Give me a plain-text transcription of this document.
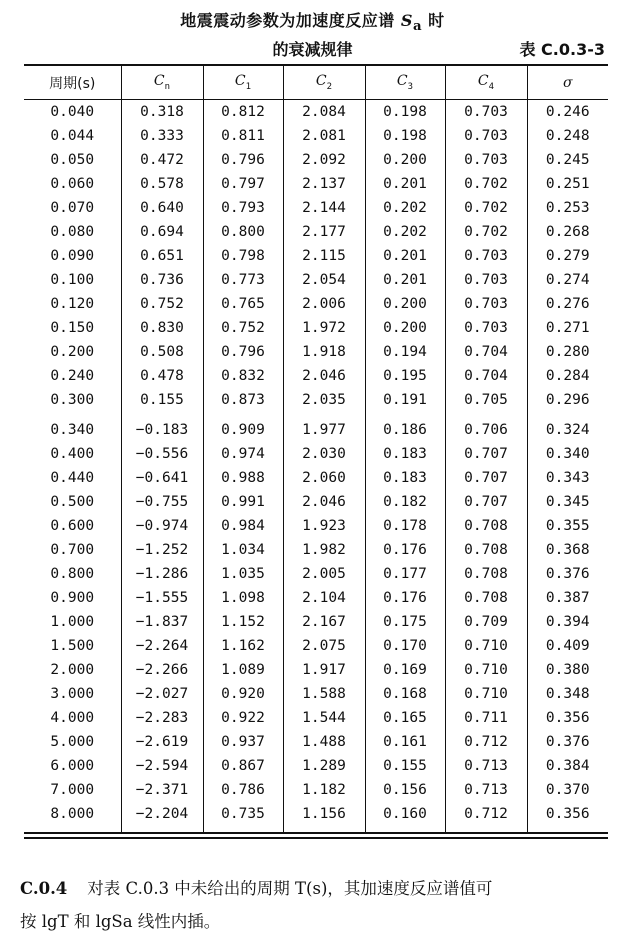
地震震动参数为加速度反应谱 $S_a$ 时
的衰减规律	表 C.0.3-3
周期(s)	$C_n$	$C_1$	$C_2$	$C_3$	$C_4$	σ
0.040	0.318	0.812	2.084	0.198	0.703	0.246
0.044	0.333	0.811	2.081	0.198	0.703	0.248
0.050	0.472	0.796	2.092	0.200	0.703	0.245
0.060	0.578	0.797	2.137	0.201	0.702	0.251
0.070	0.640	0.793	2.144	0.202	0.702	0.253
0.080	0.694	0.800	2.177	0.202	0.702	0.268
0.090	0.651	0.798	2.115	0.201	0.703	0.279
0.100	0.736	0.773	2.054	0.201	0.703	0.274
0.120	0.752	0.765	2.006	0.200	0.703	0.276
0.150	0.830	0.752	1.972	0.200	0.703	0.271
0.200	0.508	0.796	1.918	0.194	0.704	0.280
0.240	0.478	0.832	2.046	0.195	0.704	0.284
0.300	0.155	0.873	2.035	0.191	0.705	0.296
0.340	−0.183	0.909	1.977	0.186	0.706	0.324
0.400	−0.556	0.974	2.030	0.183	0.707	0.340
0.440	−0.641	0.988	2.060	0.183	0.707	0.343
0.500	−0.755	0.991	2.046	0.182	0.707	0.345
0.600	−0.974	0.984	1.923	0.178	0.708	0.355
0.700	−1.252	1.034	1.982	0.176	0.708	0.368
0.800	−1.286	1.035	2.005	0.177	0.708	0.376
0.900	−1.555	1.098	2.104	0.176	0.708	0.387
1.000	−1.837	1.152	2.167	0.175	0.709	0.394
1.500	−2.264	1.162	2.075	0.170	0.710	0.409
2.000	−2.266	1.089	1.917	0.169	0.710	0.380
3.000	−2.027	0.920	1.588	0.168	0.710	0.348
4.000	−2.283	0.922	1.544	0.165	0.711	0.356
5.000	−2.619	0.937	1.488	0.161	0.712	0.376
6.000	−2.594	0.867	1.289	0.155	0.713	0.384
7.000	−2.371	0.786	1.182	0.156	0.713	0.370
8.000	−2.204	0.735	1.156	0.160	0.712	0.356
C.0.4 对表 C.0.3 中未给出的周期 T(s)，其加速度反应谱值可
按 lgT 和 lgSa 线性内插。
